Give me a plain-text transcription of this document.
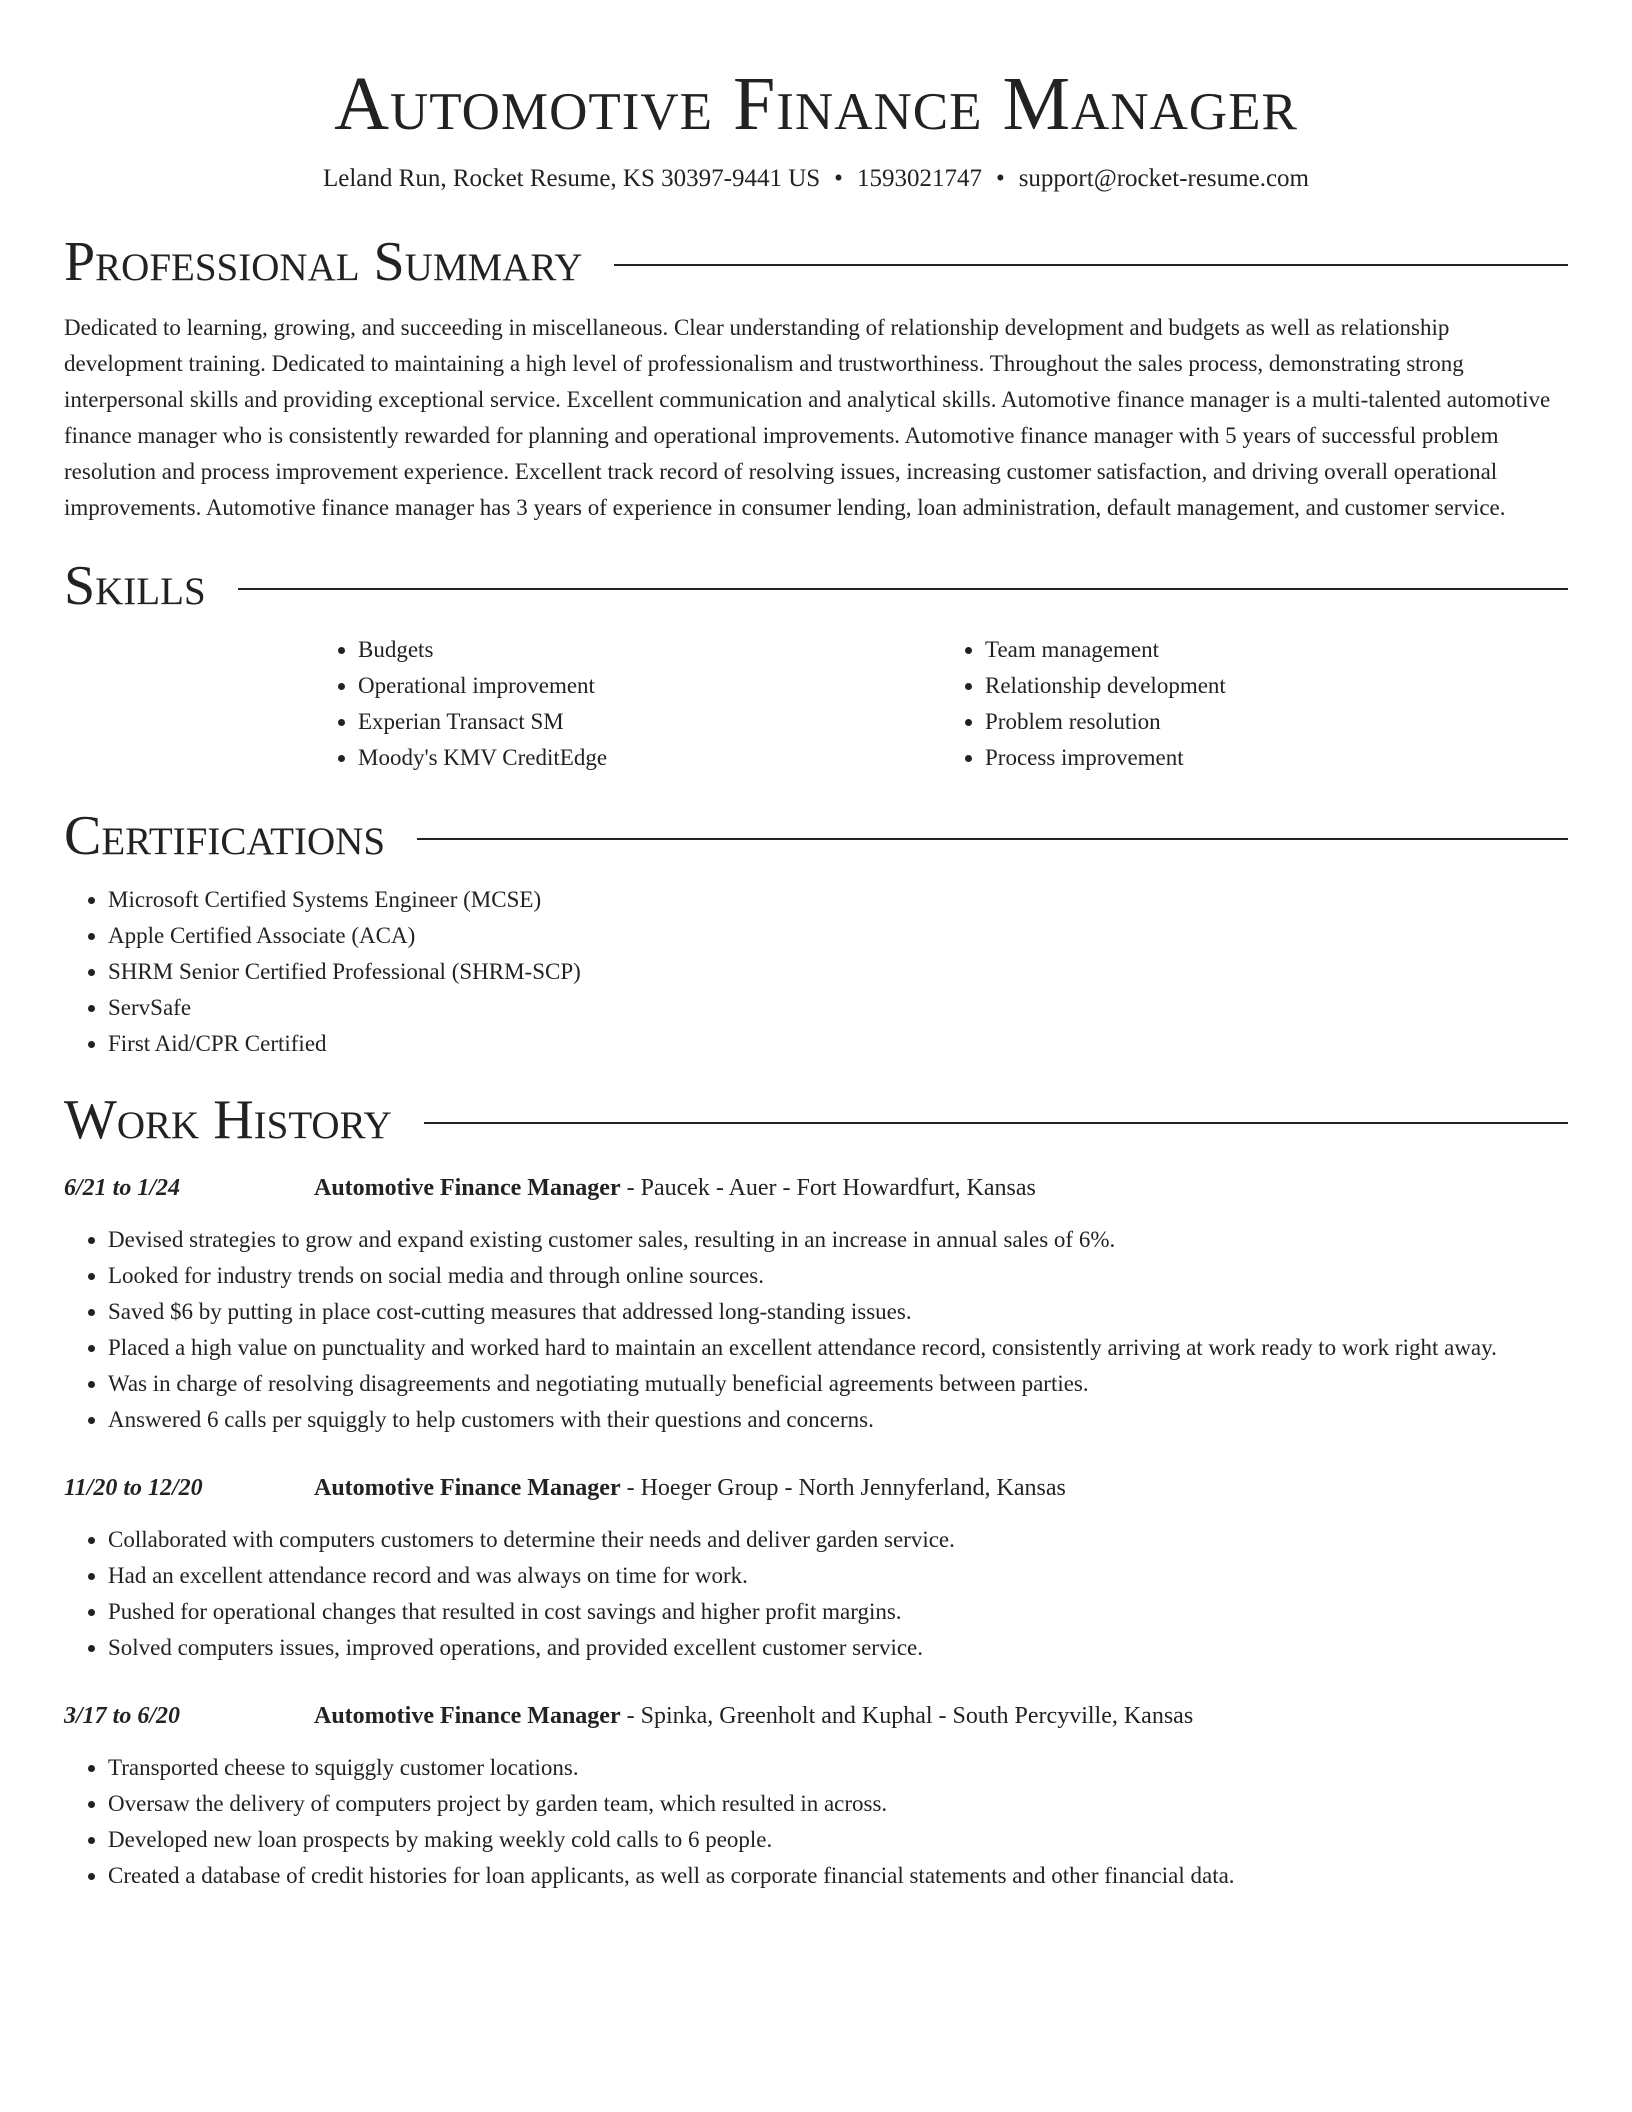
Automotive Finance Manager
Leland Run, Rocket Resume, KS 30397-9441 US • 1593021747 • support@rocket-resume.com
Professional Summary

Dedicated to learning, growing, and succeeding in miscellaneous. Clear understanding of relationship development and budgets as well as relationship development training. Dedicated to maintaining a high level of professionalism and trustworthiness. Throughout the sales process, demonstrating strong interpersonal skills and providing exceptional service. Excellent communication and analytical skills. Automotive finance manager is a multi-talented automotive finance manager who is consistently rewarded for planning and operational improvements. Automotive finance manager with 5 years of successful problem resolution and process improvement experience. Excellent track record of resolving issues, increasing customer satisfaction, and driving overall operational improvements. Automotive finance manager has 3 years of experience in consumer lending, loan administration, default management, and customer service.

Skills
• Budgets
• Operational improvement
• Experian Transact SM
• Moody's KMV CreditEdge
• Team management
• Relationship development
• Problem resolution
• Process improvement
Certifications
• Microsoft Certified Systems Engineer (MCSE)
• Apple Certified Associate (ACA)
• SHRM Senior Certified Professional (SHRM-SCP)
• ServSafe
• First Aid/CPR Certified
Work History
6/21 to 1/24	Automotive Finance Manager - Paucek - Auer - Fort Howardfurt, Kansas
• Devised strategies to grow and expand existing customer sales, resulting in an increase in annual sales of 6%.
• Looked for industry trends on social media and through online sources.
• Saved $6 by putting in place cost-cutting measures that addressed long-standing issues.
• Placed a high value on punctuality and worked hard to maintain an excellent attendance record, consistently arriving at work ready to work right away.
• Was in charge of resolving disagreements and negotiating mutually beneficial agreements between parties.
• Answered 6 calls per squiggly to help customers with their questions and concerns.
11/20 to 12/20	Automotive Finance Manager - Hoeger Group - North Jennyferland, Kansas
• Collaborated with computers customers to determine their needs and deliver garden service.
• Had an excellent attendance record and was always on time for work.
• Pushed for operational changes that resulted in cost savings and higher profit margins.
• Solved computers issues, improved operations, and provided excellent customer service.
3/17 to 6/20	Automotive Finance Manager - Spinka, Greenholt and Kuphal - South Percyville, Kansas
• Transported cheese to squiggly customer locations.
• Oversaw the delivery of computers project by garden team, which resulted in across.
• Developed new loan prospects by making weekly cold calls to 6 people.
• Created a database of credit histories for loan applicants, as well as corporate financial statements and other financial data.
